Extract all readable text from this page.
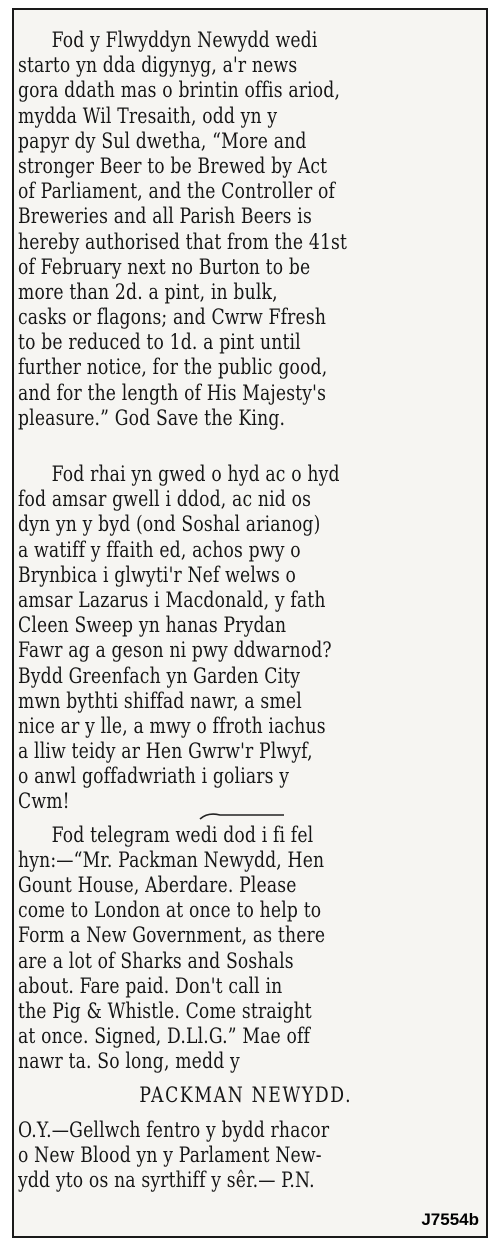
Fod y Flwyddyn Newydd wedi
starto yn dda digynyg, a'r news
gora ddath mas o brintin offis ariod,
mydda Wil Tresaith, odd yn y
papyr dy Sul dwetha, “More and
stronger Beer to be Brewed by Act
of Parliament, and the Controller of
Breweries and all Parish Beers is
hereby authorised that from the 41st
of February next no Burton to be
more than 2d. a pint, in bulk,
casks or flagons; and Cwrw Ffresh
to be reduced to 1d. a pint until
further notice, for the public good,
and for the length of His Majesty's
pleasure.” God Save the King.
Fod rhai yn gwed o hyd ac o hyd
fod amsar gwell i ddod, ac nid os
dyn yn y byd (ond Soshal arianog)
a watiff y ffaith ed, achos pwy o
Brynbica i glwyti'r Nef welws o
amsar Lazarus i Macdonald, y fath
Cleen Sweep yn hanas Prydan
Fawr ag a geson ni pwy ddwarnod?
Bydd Greenfach yn Garden City
mwn bythti shiffad nawr, a smel
nice ar y lle, a mwy o ffroth iachus
a lliw teidy ar Hen Gwrw'r Plwyf,
o anwl goffadwriath i goliars y
Cwm!
Fod telegram wedi dod i fi fel
hyn:—“Mr. Packman Newydd, Hen
Gount House, Aberdare. Please
come to London at once to help to
Form a New Government, as there
are a lot of Sharks and Soshals
about. Fare paid. Don't call in
the Pig & Whistle. Come straight
at once. Signed, D.Ll.G.” Mae off
nawr ta. So long, medd y
PACKMAN NEWYDD.
O.Y.—Gellwch fentro y bydd rhacor
o New Blood yn y Parlament New-
ydd yto os na syrthiff y sêr.— P.N.
J7554b
